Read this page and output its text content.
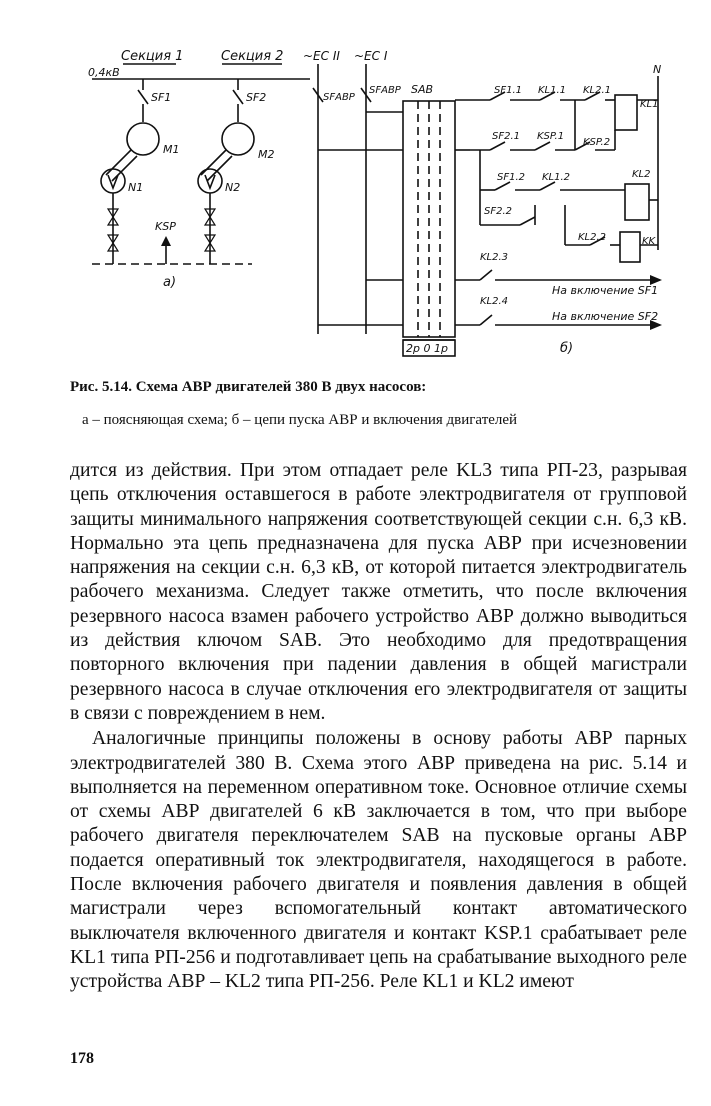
Секция 1	Секция 2
0,4кВ
SF1
M1
N1
SF2
M2
N2
KSP
а)
~ЕС II ~ЕС I
SFАВР
SFАВР SAB
2р 0 1р
N
SF1.1 KL1.1 KL2.1
KL1
SF2.1 KSP.1
KSP.2
SF1.2 KL1.2	KL2
SF2.2
KL2.2	KK
KL2.3
На включение SF1
KL2.4
На включение SF2
б)
Рис. 5.14. Схема АВР двигателей 380 В двух насосов:
а – поясняющая схема; б – цепи пуска АВР и включения двигателей

дится из действия. При этом отпадает реле KL3 типа РП-23, разрывая цепь отключения оставшегося в работе электродвигателя от групповой защиты минимального напряжения соответствующей секции с.н. 6,3 кВ. Нормально эта цепь предназначена для пуска АВР при исчезновении напряжения на секции с.н. 6,3 кВ, от которой питается электродвигатель рабочего механизма. Следует также отметить, что после включения резервного насоса взамен рабочего устройство АВР должно выводиться из действия ключом SAB. Это необходимо для предотвращения повторного включения при падении давления в общей магистрали резервного насоса в случае отключения его электродвигателя от защиты в связи с повреждением в нем.

Аналогичные принципы положены в основу работы АВР парных электродвигателей 380 В. Схема этого АВР приведена на рис. 5.14 и выполняется на переменном оперативном токе. Основное отличие схемы от схемы АВР двигателей 6 кВ заключается в том, что при выборе рабочего двигателя переключателем SAB на пусковые органы АВР подается оперативный ток электродвигателя, находящегося в работе. После включения рабочего двигателя и появления давления в общей магистрали через вспомогательный контакт автоматического выключателя включенного двигателя и контакт KSP.1 срабатывает реле KL1 типа РП-256 и подготавливает цепь на срабатывание выходного реле устройства АВР – KL2 типа РП-256. Реле KL1 и KL2 имеют

178
